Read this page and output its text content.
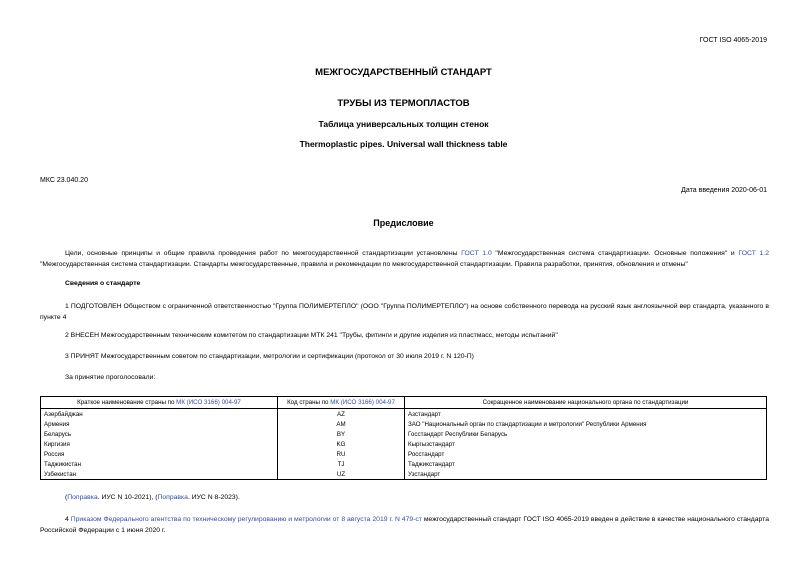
ГОСТ ISO 4065-2019
МЕЖГОСУДАРСТВЕННЫЙ СТАНДАРТ
ТРУБЫ ИЗ ТЕРМОПЛАСТОВ
Таблица универсальных толщин стенок
Thermoplastic pipes. Universal wall thickness table
МКС 23.040.20
Дата введения 2020-06-01
Предисловие
Цели, основные принципы и общие правила проведения работ по межгосударственной стандартизации установлены ГОСТ 1.0 "Межгосударственная система стандартизации. Основные положения" и ГОСТ 1.2 "Межгосударственная система стандартизации. Стандарты межгосударственные, правила и рекомендации по межгосударственной стандартизации. Правила разработки, принятия, обновления и отмены"
Сведения о стандарте
1 ПОДГОТОВЛЕН Обществом с ограниченной ответственностью "Группа ПОЛИМЕРТЕПЛО" (ООО "Группа ПОЛИМЕРТЕПЛО") на основе собственного перевода на русский язык англоязычной вер стандарта, указанного в пункте 4
2 ВНЕСЕН Межгосударственным техническим комитетом по стандартизации МТК 241 "Трубы, фитинги и другие изделия из пластмасс, методы испытаний"
3 ПРИНЯТ Межгосударственным советом по стандартизации, метрологии и сертификации (протокол от 30 июля 2019 г. N 120-П)
За принятие проголосовали:
Краткое наименование страны по МК (ИСО 3166) 004-97	Код страны по МК (ИСО 3166) 004-97	Сокращенное наименование национального органа по стандартизации
Азербайджан	AZ	Азстандарт
Армения	AM	ЗАО "Национальный орган по стандартизации и метрологии" Республики Армения
Беларусь	BY	Госстандарт Республики Беларусь
Киргизия	KG	Кыргызстандарт
Россия	RU	Росстандарт
Таджикистан	TJ	Таджикстандарт
Узбекистан	UZ	Узстандарт
(Поправка. ИУС N 10-2021), (Поправка. ИУС N 8-2023).
4 Приказом Федерального агентства по техническому регулированию и метрологии от 8 августа 2019 г. N 479-ст межгосударственный стандарт ГОСТ ISO 4065-2019 введен в действие в качестве национального стандарта Российской Федерации с 1 июня 2020 г.
